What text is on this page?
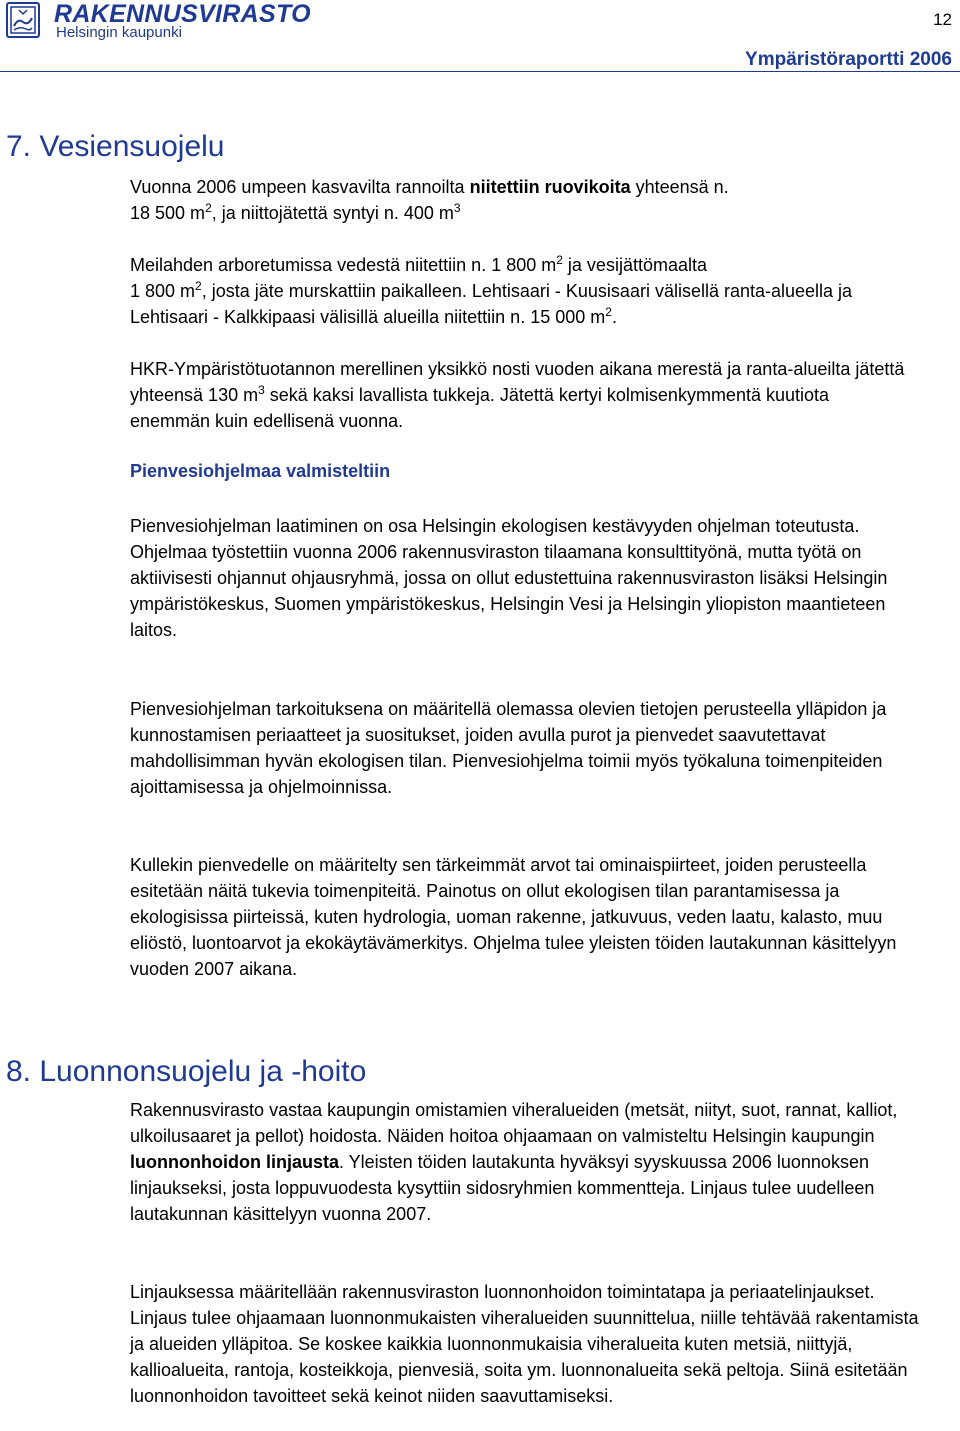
RAKENNUSVIRASTO
Helsingin kaupunki
12
Ympäristöraportti 2006
7. Vesiensuojelu

Vuonna 2006 umpeen kasvavilta rannoilta niitettiin ruovikoita yhteensä n.
18 500 $m^2$, ja niittojätettä syntyi n. 400 $m^3$

Meilahden arboretumissa vedestä niitettiin n. 1 800 $m^2$ ja vesijättömaalta
1 800 $m^2$, josta jäte murskattiin paikalleen. Lehtisaari - Kuusisaari välisellä ranta-alueella ja Lehtisaari - Kalkkipaasi välisillä alueilla niitettiin n. 15 000 $m^2$.

HKR-Ympäristötuotannon merellinen yksikkö nosti vuoden aikana merestä ja ranta-alueilta jätettä yhteensä 130 $m^3$ sekä kaksi lavallista tukkeja. Jätettä kertyi kolmisenkymmentä kuutiota enemmän kuin edellisenä vuonna.

Pienvesiohjelmaa valmisteltiin

Pienvesiohjelman laatiminen on osa Helsingin ekologisen kestävyyden ohjelman toteutusta. Ohjelmaa työstettiin vuonna 2006 rakennusviraston tilaamana konsulttityönä, mutta työtä on aktiivisesti ohjannut ohjausryhmä, jossa on ollut edustettuina rakennusviraston lisäksi Helsingin ympäristökeskus, Suomen ympäristökeskus, Helsingin Vesi ja Helsingin yliopiston maantieteen laitos.

Pienvesiohjelman tarkoituksena on määritellä olemassa olevien tietojen perusteella ylläpidon ja kunnostamisen periaatteet ja suositukset, joiden avulla purot ja pienvedet saavutettavat mahdollisimman hyvän ekologisen tilan. Pienvesiohjelma toimii myös työkaluna toimenpiteiden ajoittamisessa ja ohjelmoinnissa.

Kullekin pienvedelle on määritelty sen tärkeimmät arvot tai ominaispiirteet, joiden perusteella esitetään näitä tukevia toimenpiteitä. Painotus on ollut ekologisen tilan parantamisessa ja ekologisissa piirteissä, kuten hydrologia, uoman rakenne, jatkuvuus, veden laatu, kalasto, muu eliöstö, luontoarvot ja ekokäytävämerkitys. Ohjelma tulee yleisten töiden lautakunnan käsittelyyn vuoden 2007 aikana.

8. Luonnonsuojelu ja -hoito

Rakennusvirasto vastaa kaupungin omistamien viheralueiden (metsät, niityt, suot, rannat, kalliot, ulkoilusaaret ja pellot) hoidosta. Näiden hoitoa ohjaamaan on valmisteltu Helsingin kaupungin luonnonhoidon linjausta. Yleisten töiden lautakunta hyväksyi syyskuussa 2006 luonnoksen linjaukseksi, josta loppuvuodesta kysyttiin sidosryhmien kommentteja. Linjaus tulee uudelleen lautakunnan käsittelyyn vuonna 2007.

Linjauksessa määritellään rakennusviraston luonnonhoidon toimintatapa ja periaatelinjaukset. Linjaus tulee ohjaamaan luonnonmukaisten viheralueiden suunnittelua, niille tehtävää rakentamista ja alueiden ylläpitoa. Se koskee kaikkia luonnonmukaisia viheralueita kuten metsiä, niittyjä, kallioalueita, rantoja, kosteikkoja, pienvesiä, soita ym. luonnonalueita sekä peltoja. Siinä esitetään luonnonhoidon tavoitteet sekä keinot niiden saavuttamiseksi.
